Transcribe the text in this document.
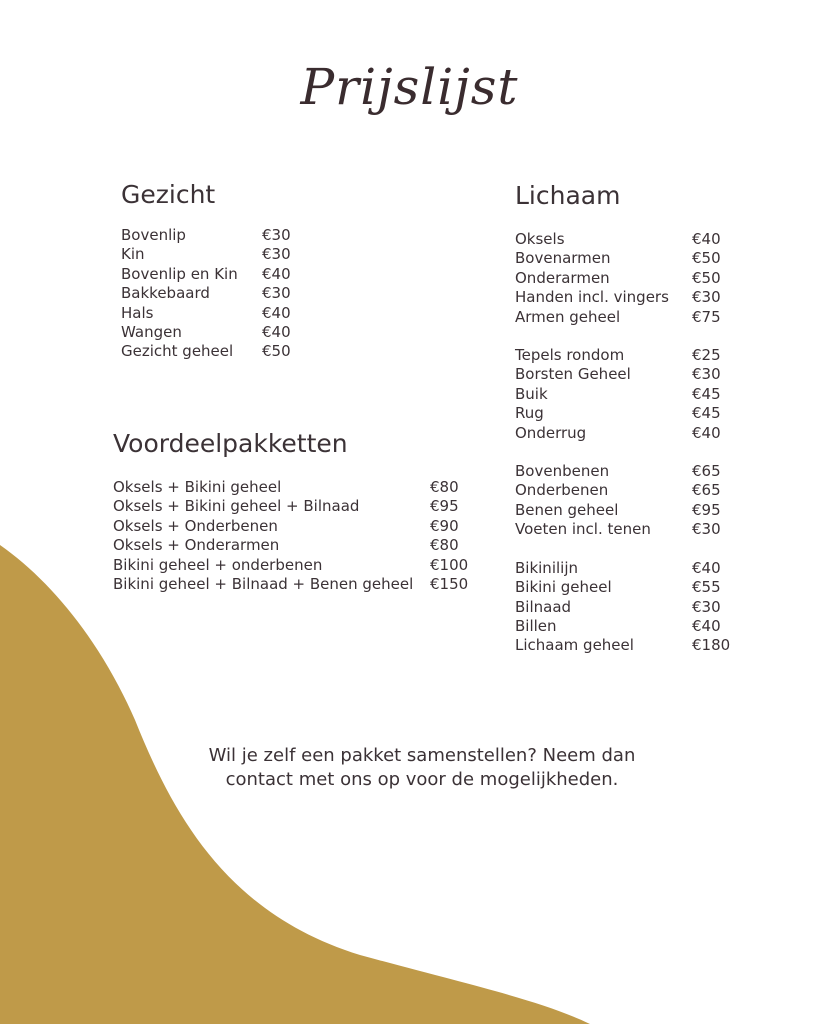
Prijslijst
Gezicht
Bovenlip	€30
Kin	€30
Bovenlip en Kin	€40
Bakkebaard	€30
Hals	€40
Wangen	€40
Gezicht geheel	€50
Voordeelpakketten
Oksels + Bikini geheel	€80
Oksels + Bikini geheel + Bilnaad	€95
Oksels + Onderbenen	€90
Oksels + Onderarmen	€80
Bikini geheel + onderbenen	€100
Bikini geheel + Bilnaad + Benen geheel	€150
Lichaam
Oksels	€40
Bovenarmen	€50
Onderarmen	€50
Handen incl. vingers	€30
Armen geheel	€75
Tepels rondom	€25
Borsten Geheel	€30
Buik	€45
Rug	€45
Onderrug	€40
Bovenbenen	€65
Onderbenen	€65
Benen geheel	€95
Voeten incl. tenen	€30
Bikinilijn	€40
Bikini geheel	€55
Bilnaad	€30
Billen	€40
Lichaam geheel	€180
Wil je zelf een pakket samenstellen? Neem dan
contact met ons op voor de mogelijkheden.
